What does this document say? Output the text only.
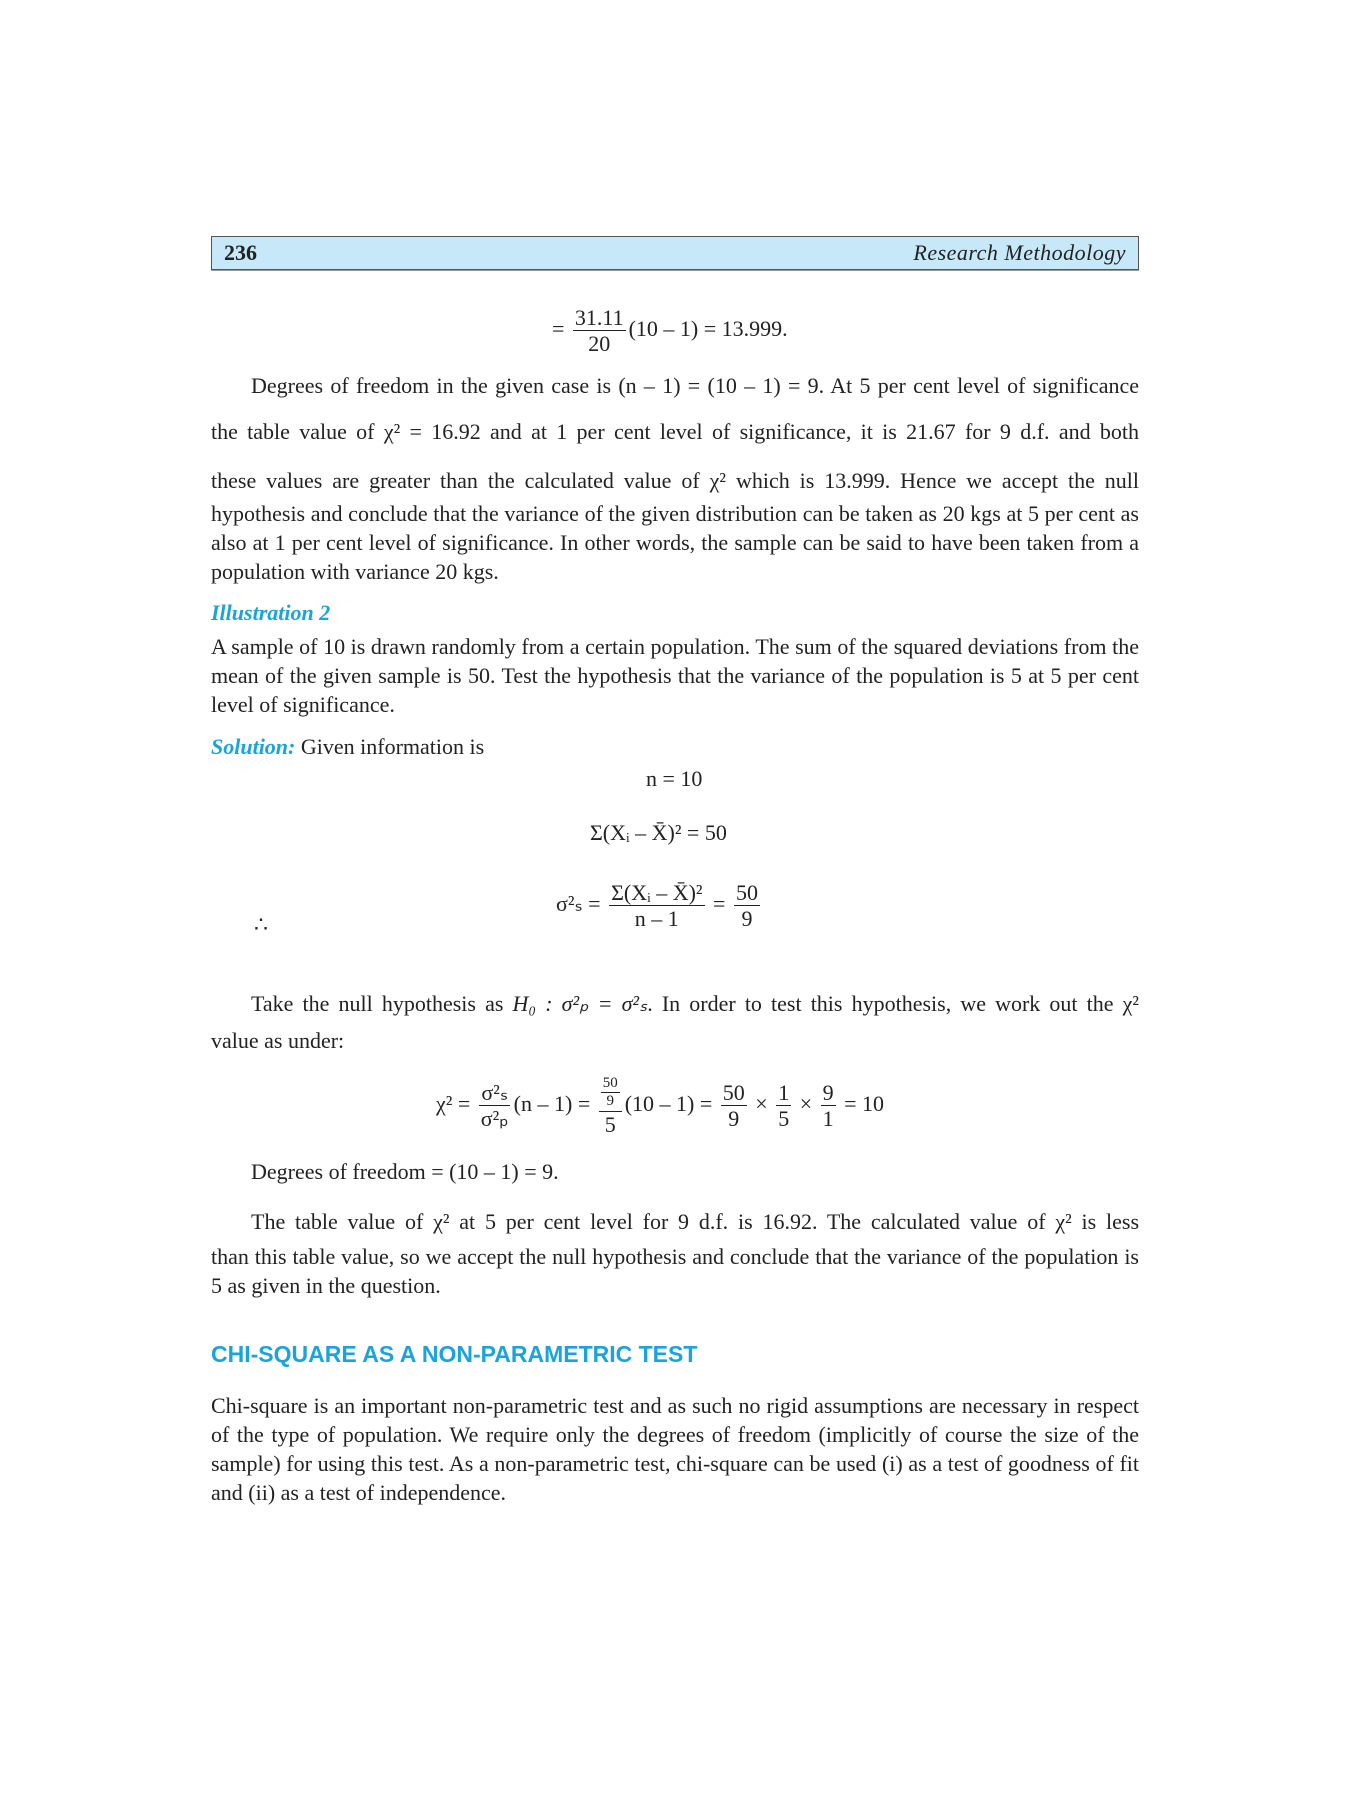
236	Research Methodology
= $\frac{31.11}{20} (10 - 1) = 13.999$.
Degrees of freedom in the given case is (n – 1) = (10 – 1) = 9. At 5 per cent level of significance
the table value of χ² = 16.92 and at 1 per cent level of significance, it is 21.67 for 9 d.f. and both
these values are greater than the calculated value of χ² which is 13.999. Hence we accept the null
hypothesis and conclude that the variance of the given distribution can be taken as 20 kgs at 5 per cent as also at 1 per cent level of significance. In other words, the sample can be said to have been taken from a population with variance 20 kgs.
Illustration 2
A sample of 10 is drawn randomly from a certain population. The sum of the squared deviations from the mean of the given sample is 50. Test the hypothesis that the variance of the population is 5 at 5 per cent level of significance.
Solution: Given information is
n = 10
Σ(Xᵢ – X̄)² = 50
∴
$\sigma^2_s = \frac{\text{Σ(Xᵢ – X̄)²}}{n - 1} = \frac{50}{9}$
Take the null hypothesis as H₀ : σ²ₚ = σ²ₛ. In order to test this hypothesis, we work out the χ²
value as under:
$\chi^2 = \frac{\text{σ²ₛ}}{\text{σ²ₚ}} (n - 1) = \frac{\frac{50}{9}}{5} (10 - 1) = \frac{50}{9} \times \frac{1}{5} \times \frac{9}{1} = 10$
Degrees of freedom = (10 – 1) = 9.
The table value of χ² at 5 per cent level for 9 d.f. is 16.92. The calculated value of χ² is less
than this table value, so we accept the null hypothesis and conclude that the variance of the population is 5 as given in the question.
CHI-SQUARE AS A NON-PARAMETRIC TEST
Chi-square is an important non-parametric test and as such no rigid assumptions are necessary in respect of the type of population. We require only the degrees of freedom (implicitly of course the size of the sample) for using this test. As a non-parametric test, chi-square can be used (i) as a test of goodness of fit and (ii) as a test of independence.
